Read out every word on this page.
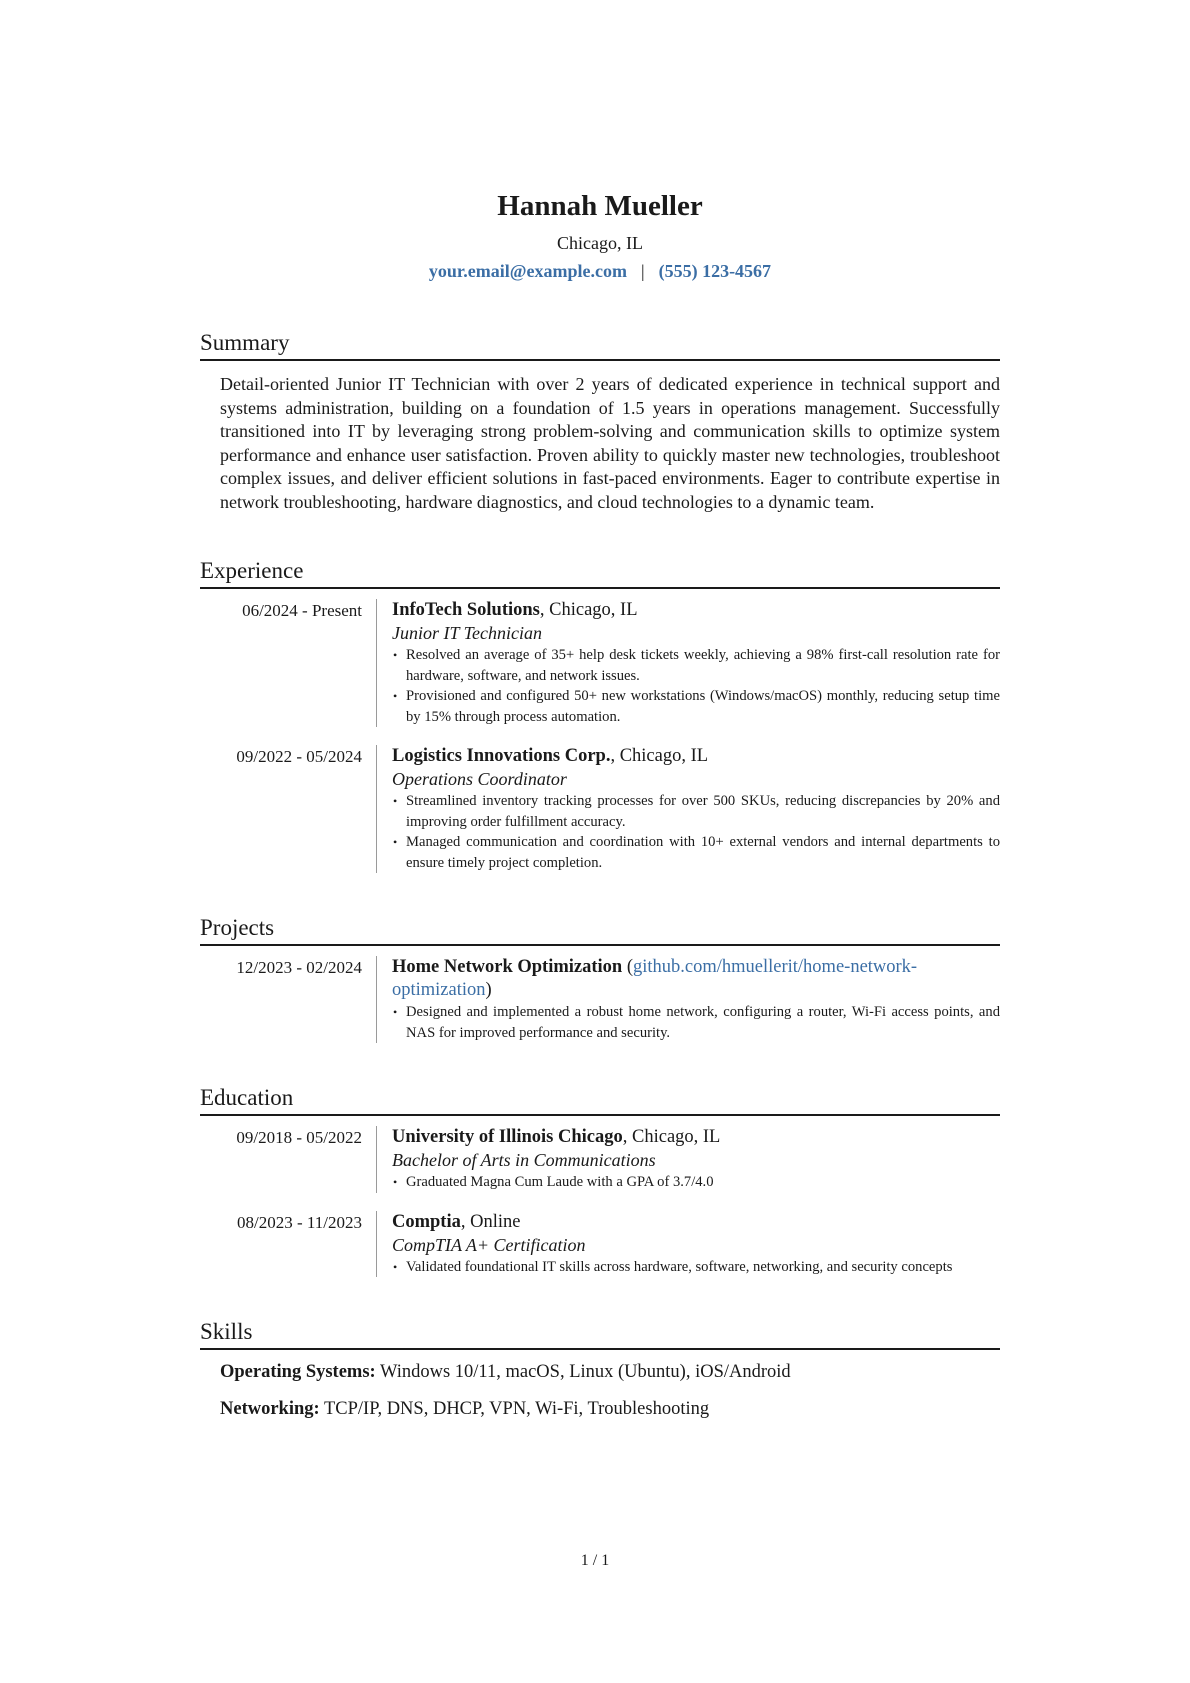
Hannah Mueller
Chicago, IL
your.email@example.com | (555) 123-4567
Summary

Detail-oriented Junior IT Technician with over 2 years of dedicated experience in technical support and systems administration, building on a foundation of 1.5 years in operations management. Successfully transitioned into IT by leveraging strong problem-solving and communication skills to optimize system performance and enhance user satisfaction. Proven ability to quickly master new technologies, troubleshoot complex issues, and deliver efficient solutions in fast-paced environments. Eager to contribute expertise in network troubleshooting, hardware diagnostics, and cloud technologies to a dynamic team.

Experience
06/2024 - Present	InfoTech Solutions, Chicago, IL
Junior IT Technician
• Resolved an average of 35+ help desk tickets weekly, achieving a 98% first-call resolution rate for hardware, software, and network issues.
• Provisioned and configured 50+ new workstations (Windows/macOS) monthly, reducing setup time by 15% through process automation.
09/2022 - 05/2024	Logistics Innovations Corp., Chicago, IL
Operations Coordinator
• Streamlined inventory tracking processes for over 500 SKUs, reducing discrepancies by 20% and improving order fulfillment accuracy.
• Managed communication and coordination with 10+ external vendors and internal departments to ensure timely project completion.
Projects
12/2023 - 02/2024	Home Network Optimization (github.com/hmuellerit/home-network-optimization)
• Designed and implemented a robust home network, configuring a router, Wi-Fi access points, and NAS for improved performance and security.
Education
09/2018 - 05/2022	University of Illinois Chicago, Chicago, IL
Bachelor of Arts in Communications
• Graduated Magna Cum Laude with a GPA of 3.7/4.0
08/2023 - 11/2023	Comptia, Online
CompTIA A+ Certification
• Validated foundational IT skills across hardware, software, networking, and security concepts
Skills
Operating Systems: Windows 10/11, macOS, Linux (Ubuntu), iOS/Android
Networking: TCP/IP, DNS, DHCP, VPN, Wi-Fi, Troubleshooting
1 / 1
